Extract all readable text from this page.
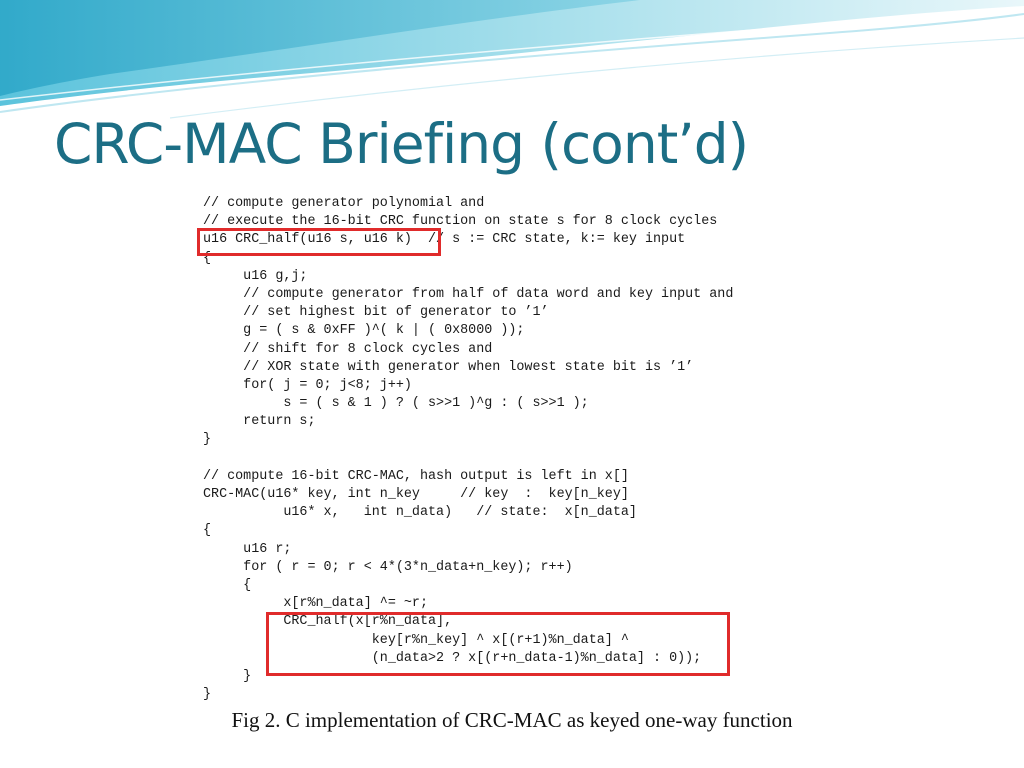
CRC-MAC Briefing (cont’d)
// compute generator polynomial and
// execute the 16-bit CRC function on state s for 8 clock cycles
u16 CRC_half(u16 s, u16 k)  // s := CRC state, k:= key input
{
u16 g,j;
// compute generator from half of data word and key input and
// set highest bit of generator to ’1’
g = ( s & 0xFF )^( k | ( 0x8000 ));
// shift for 8 clock cycles and
// XOR state with generator when lowest state bit is ’1’
for( j = 0; j<8; j++)
s = ( s & 1 ) ? ( s>>1 )^g : ( s>>1 );
return s;
}
// compute 16-bit CRC-MAC, hash output is left in x[]
CRC-MAC(u16* key, int n_key     // key  :  key[n_key]
u16* x,   int n_data)   // state:  x[n_data]
{
u16 r;
for ( r = 0; r < 4*(3*n_data+n_key); r++)
{
x[r%n_data] ^= ~r;
CRC_half(x[r%n_data],
key[r%n_key] ^ x[(r+1)%n_data] ^
(n_data>2 ? x[(r+n_data-1)%n_data] : 0));
}
}
Fig 2. C implementation of CRC-MAC as keyed one-way function
